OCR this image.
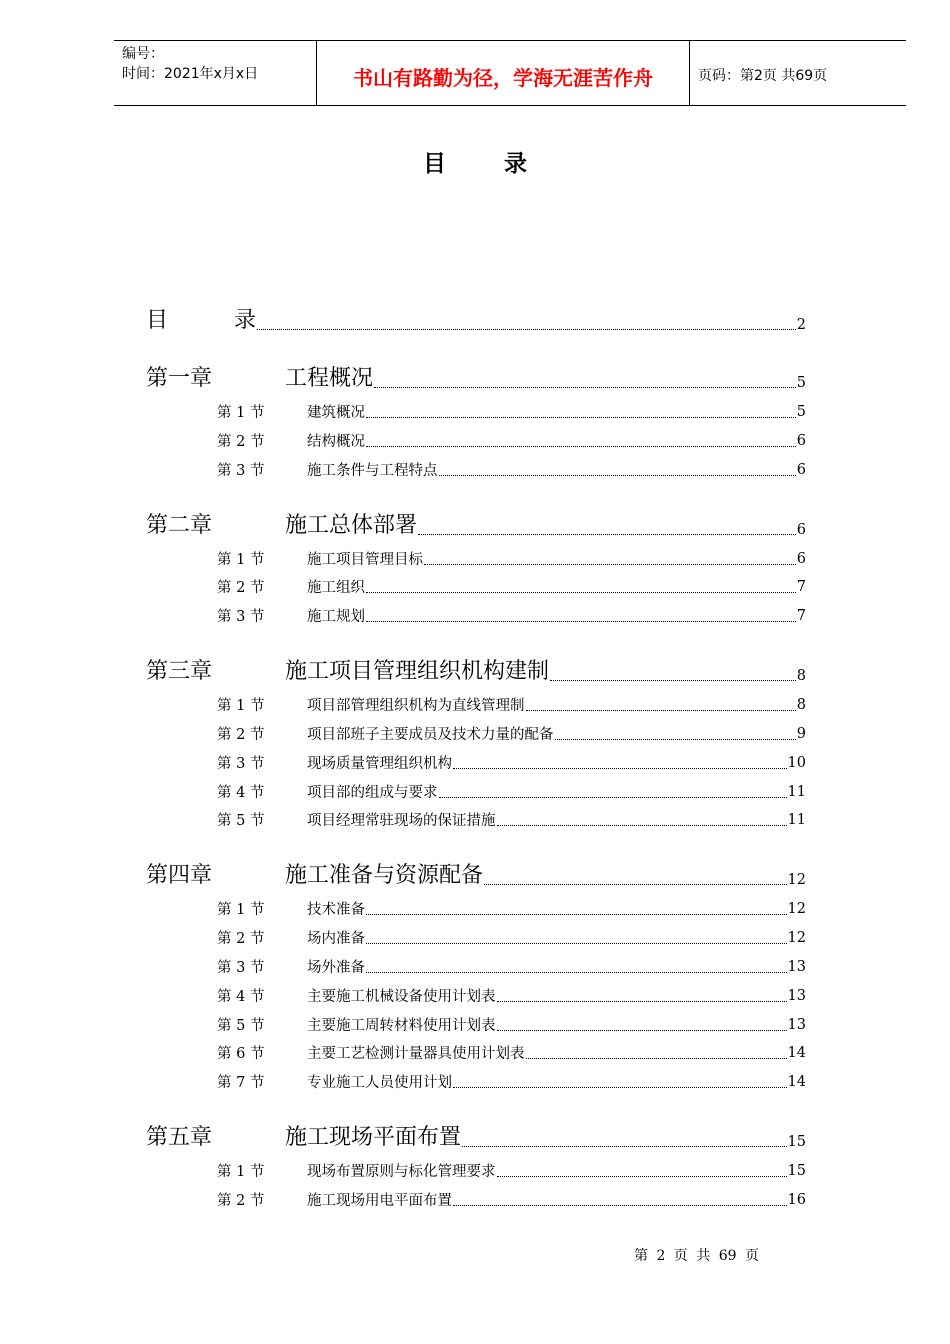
编号：
时间：2021年x月x日	书山有路勤为径，学海无涯苦作舟	页码：第2页 共69页
目录
目	录	2
第一章	工程概况	5
第 1 节	建筑概况	5
第 2 节	结构概况	6
第 3 节	施工条件与工程特点	6
第二章	施工总体部署	6
第 1 节	施工项目管理目标	6
第 2 节	施工组织	7
第 3 节	施工规划	7
第三章	施工项目管理组织机构建制	8
第 1 节	项目部管理组织机构为直线管理制	8
第 2 节	项目部班子主要成员及技术力量的配备	9
第 3 节	现场质量管理组织机构	10
第 4 节	项目部的组成与要求	11
第 5 节	项目经理常驻现场的保证措施	11
第四章	施工准备与资源配备	12
第 1 节	技术准备	12
第 2 节	场内准备	12
第 3 节	场外准备	13
第 4 节	主要施工机械设备使用计划表	13
第 5 节	主要施工周转材料使用计划表	13
第 6 节	主要工艺检测计量器具使用计划表	14
第 7 节	专业施工人员使用计划	14
第五章	施工现场平面布置	15
第 1 节	现场布置原则与标化管理要求	15
第 2 节	施工现场用电平面布置	16
第 2 页 共 69 页
